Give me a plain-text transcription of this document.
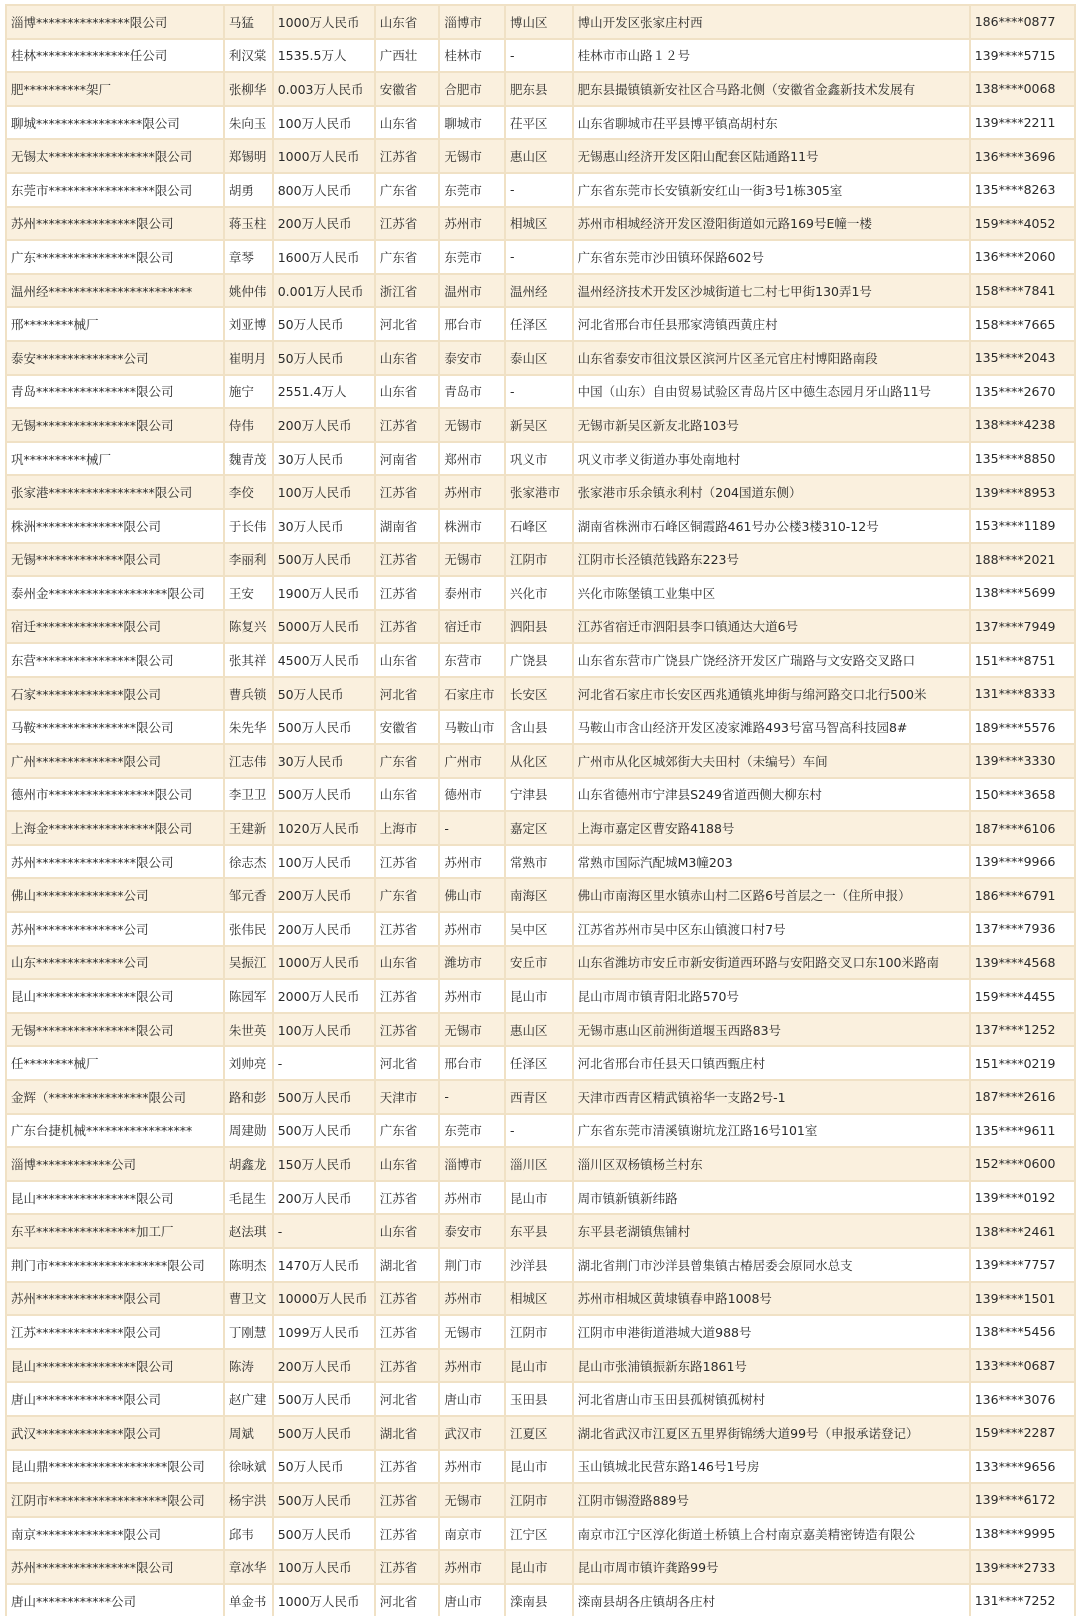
淄博***************限公司	马猛	1000万人民币	山东省	淄博市	博山区	博山开发区张家庄村西	186****0877
桂林***************任公司	利汉棠	1535.5万人	广西壮	桂林市	-	桂林市市山路１２号	139****5715
肥**********架厂	张柳华	0.003万人民币	安徽省	合肥市	肥东县	肥东县撮镇镇新安社区合马路北侧（安徽省金鑫新技术发展有	138****0068
聊城*****************限公司	朱向玉	100万人民币	山东省	聊城市	茌平区	山东省聊城市茌平县博平镇高胡村东	139****2211
无锡太*****************限公司	郑锡明	1000万人民币	江苏省	无锡市	惠山区	无锡惠山经济开发区阳山配套区陆通路11号	136****3696
东莞市*****************限公司	胡勇	800万人民币	广东省	东莞市	-	广东省东莞市长安镇新安红山一街3号1栋305室	135****8263
苏州****************限公司	蒋玉柱	200万人民币	江苏省	苏州市	相城区	苏州市相城经济开发区澄阳街道如元路169号E幢一楼	159****4052
广东****************限公司	章琴	1600万人民币	广东省	东莞市	-	广东省东莞市沙田镇环保路602号	136****2060
温州经***********************	姚仲伟	0.001万人民币	浙江省	温州市	温州经	温州经济技术开发区沙城街道七二村七甲街130弄1号	158****7841
邢********械厂	刘亚博	50万人民币	河北省	邢台市	任泽区	河北省邢台市任县邢家湾镇西黄庄村	158****7665
泰安**************公司	崔明月	50万人民币	山东省	泰安市	泰山区	山东省泰安市徂汶景区滨河片区圣元官庄村博阳路南段	135****2043
青岛****************限公司	施宁	2551.4万人	山东省	青岛市	-	中国（山东）自由贸易试验区青岛片区中德生态园月牙山路11号	135****2670
无锡****************限公司	侍伟	200万人民币	江苏省	无锡市	新吴区	无锡市新吴区新友北路103号	138****4238
巩**********械厂	魏青茂	30万人民币	河南省	郑州市	巩义市	巩义市孝义街道办事处南地村	135****8850
张家港*****************限公司	李佼	100万人民币	江苏省	苏州市	张家港市	张家港市乐余镇永利村（204国道东侧）	139****8953
株洲**************限公司	于长伟	30万人民币	湖南省	株洲市	石峰区	湖南省株洲市石峰区铜霞路461号办公楼3楼310-12号	153****1189
无锡**************限公司	李丽利	500万人民币	江苏省	无锡市	江阴市	江阴市长泾镇范钱路东223号	188****2021
泰州金*******************限公司	王安	1900万人民币	江苏省	泰州市	兴化市	兴化市陈堡镇工业集中区	138****5699
宿迁**************限公司	陈复兴	5000万人民币	江苏省	宿迁市	泗阳县	江苏省宿迁市泗阳县李口镇通达大道6号	137****7949
东营****************限公司	张其祥	4500万人民币	山东省	东营市	广饶县	山东省东营市广饶县广饶经济开发区广瑞路与文安路交叉路口	151****8751
石家**************限公司	曹兵锁	50万人民币	河北省	石家庄市	长安区	河北省石家庄市长安区西兆通镇兆坤街与绵河路交口北行500米	131****8333
马鞍****************限公司	朱先华	500万人民币	安徽省	马鞍山市	含山县	马鞍山市含山经济开发区凌家滩路493号富马智高科技园8#	189****5576
广州**************限公司	江志伟	30万人民币	广东省	广州市	从化区	广州市从化区城郊街大夫田村（未编号）车间	139****3330
德州市*****************限公司	李卫卫	500万人民币	山东省	德州市	宁津县	山东省德州市宁津县S249省道西侧大柳东村	150****3658
上海金*****************限公司	王建新	1020万人民币	上海市	-	嘉定区	上海市嘉定区曹安路4188号	187****6106
苏州****************限公司	徐志杰	100万人民币	江苏省	苏州市	常熟市	常熟市国际汽配城M3幢203	139****9966
佛山**************公司	邹元香	200万人民币	广东省	佛山市	南海区	佛山市南海区里水镇赤山村二区路6号首层之一（住所申报）	186****6791
苏州**************公司	张伟民	200万人民币	江苏省	苏州市	吴中区	江苏省苏州市吴中区东山镇渡口村7号	137****7936
山东**************公司	吴振江	1000万人民币	山东省	潍坊市	安丘市	山东省潍坊市安丘市新安街道西环路与安阳路交叉口东100米路南	139****4568
昆山****************限公司	陈园军	2000万人民币	江苏省	苏州市	昆山市	昆山市周市镇青阳北路570号	159****4455
无锡****************限公司	朱世英	100万人民币	江苏省	无锡市	惠山区	无锡市惠山区前洲街道堰玉西路83号	137****1252
任********械厂	刘帅亮	-	河北省	邢台市	任泽区	河北省邢台市任县天口镇西甄庄村	151****0219
金辉（****************限公司	路和彭	500万人民币	天津市	-	西青区	天津市西青区精武镇裕华一支路2号-1	187****2616
广东台捷机械*****************	周建勋	500万人民币	广东省	东莞市	-	广东省东莞市清溪镇谢坑龙江路16号101室	135****9611
淄博************公司	胡鑫龙	150万人民币	山东省	淄博市	淄川区	淄川区双杨镇杨兰村东	152****0600
昆山****************限公司	毛昆生	200万人民币	江苏省	苏州市	昆山市	周市镇新镇新纬路	139****0192
东平****************加工厂	赵法琪	-	山东省	泰安市	东平县	东平县老湖镇焦铺村	138****2461
荆门市*******************限公司	陈明杰	1470万人民币	湖北省	荆门市	沙洋县	湖北省荆门市沙洋县曾集镇古椿居委会原同水总支	139****7757
苏州**************限公司	曹卫文	10000万人民币	江苏省	苏州市	相城区	苏州市相城区黄埭镇春申路1008号	139****1501
江苏**************限公司	丁刚慧	1099万人民币	江苏省	无锡市	江阴市	江阴市申港街道港城大道988号	138****5456
昆山****************限公司	陈涛	200万人民币	江苏省	苏州市	昆山市	昆山市张浦镇振新东路1861号	133****0687
唐山**************限公司	赵广建	500万人民币	河北省	唐山市	玉田县	河北省唐山市玉田县孤树镇孤树村	136****3076
武汉**************限公司	周斌	500万人民币	湖北省	武汉市	江夏区	湖北省武汉市江夏区五里界街锦绣大道99号（申报承诺登记）	159****2287
昆山鼎*******************限公司	徐咏斌	50万人民币	江苏省	苏州市	昆山市	玉山镇城北民营东路146号1号房	133****9656
江阴市*******************限公司	杨宇洪	500万人民币	江苏省	无锡市	江阴市	江阴市锡澄路889号	139****6172
南京**************限公司	邱韦	500万人民币	江苏省	南京市	江宁区	南京市江宁区淳化街道土桥镇上合村南京嘉美精密铸造有限公	138****9995
苏州****************限公司	章冰华	100万人民币	江苏省	苏州市	昆山市	昆山市周市镇许龚路99号	139****2733
唐山************公司	单金书	1000万人民币	河北省	唐山市	滦南县	滦南县胡各庄镇胡各庄村	131****7252
